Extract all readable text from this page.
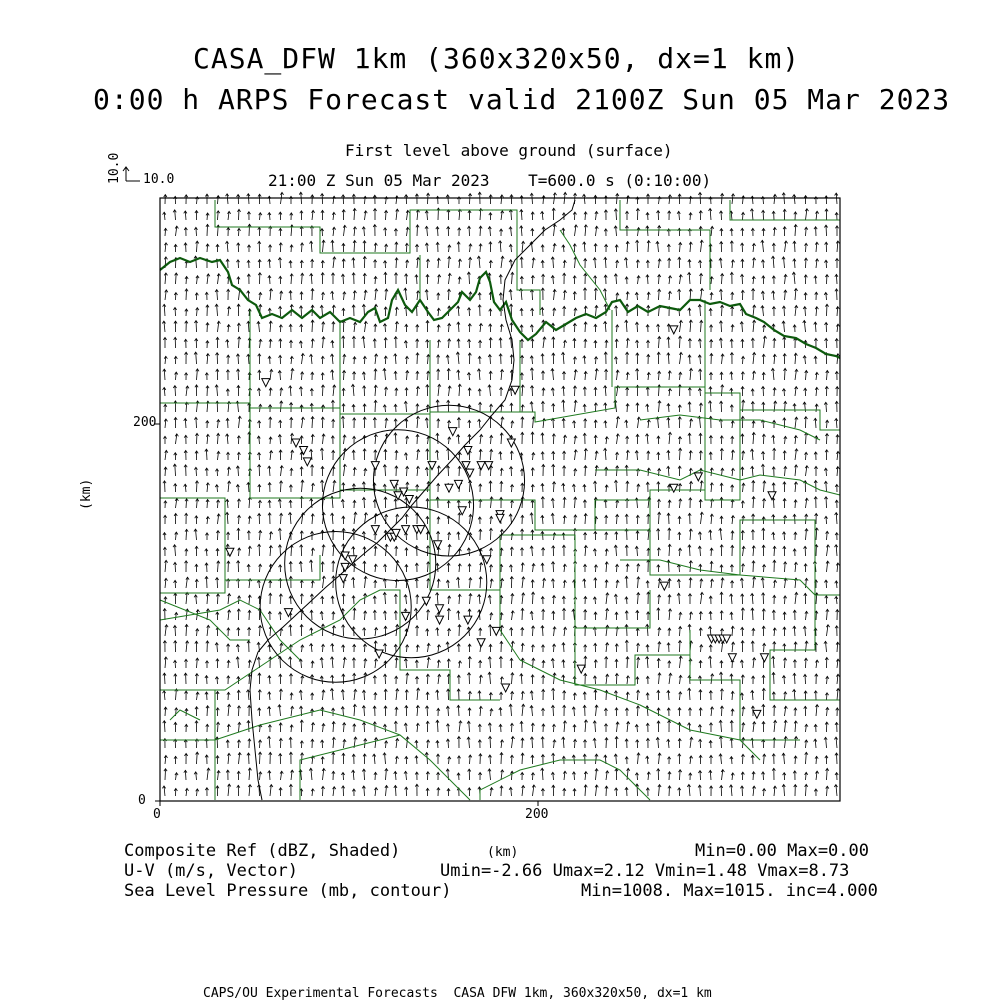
CASA_DFW 1km (360x320x50, dx=1 km)
0:00 h ARPS Forecast valid 2100Z Sun 05 Mar 2023
First level above ground (surface)
21:00 Z Sun 05 Mar 2023    T=600.0 s (0:10:00)
10.0 10.0
200
0
0	200
(km)
(km)
Composite Ref (dBZ, Shaded)	Min=0.00 Max=0.00
U-V (m/s, Vector)	Umin=-2.66 Umax=2.12 Vmin=1.48 Vmax=8.73
Sea Level Pressure (mb, contour)	Min=1008. Max=1015. inc=4.000
CAPS/OU Experimental Forecasts  CASA DFW 1km, 360x320x50, dx=1 km
